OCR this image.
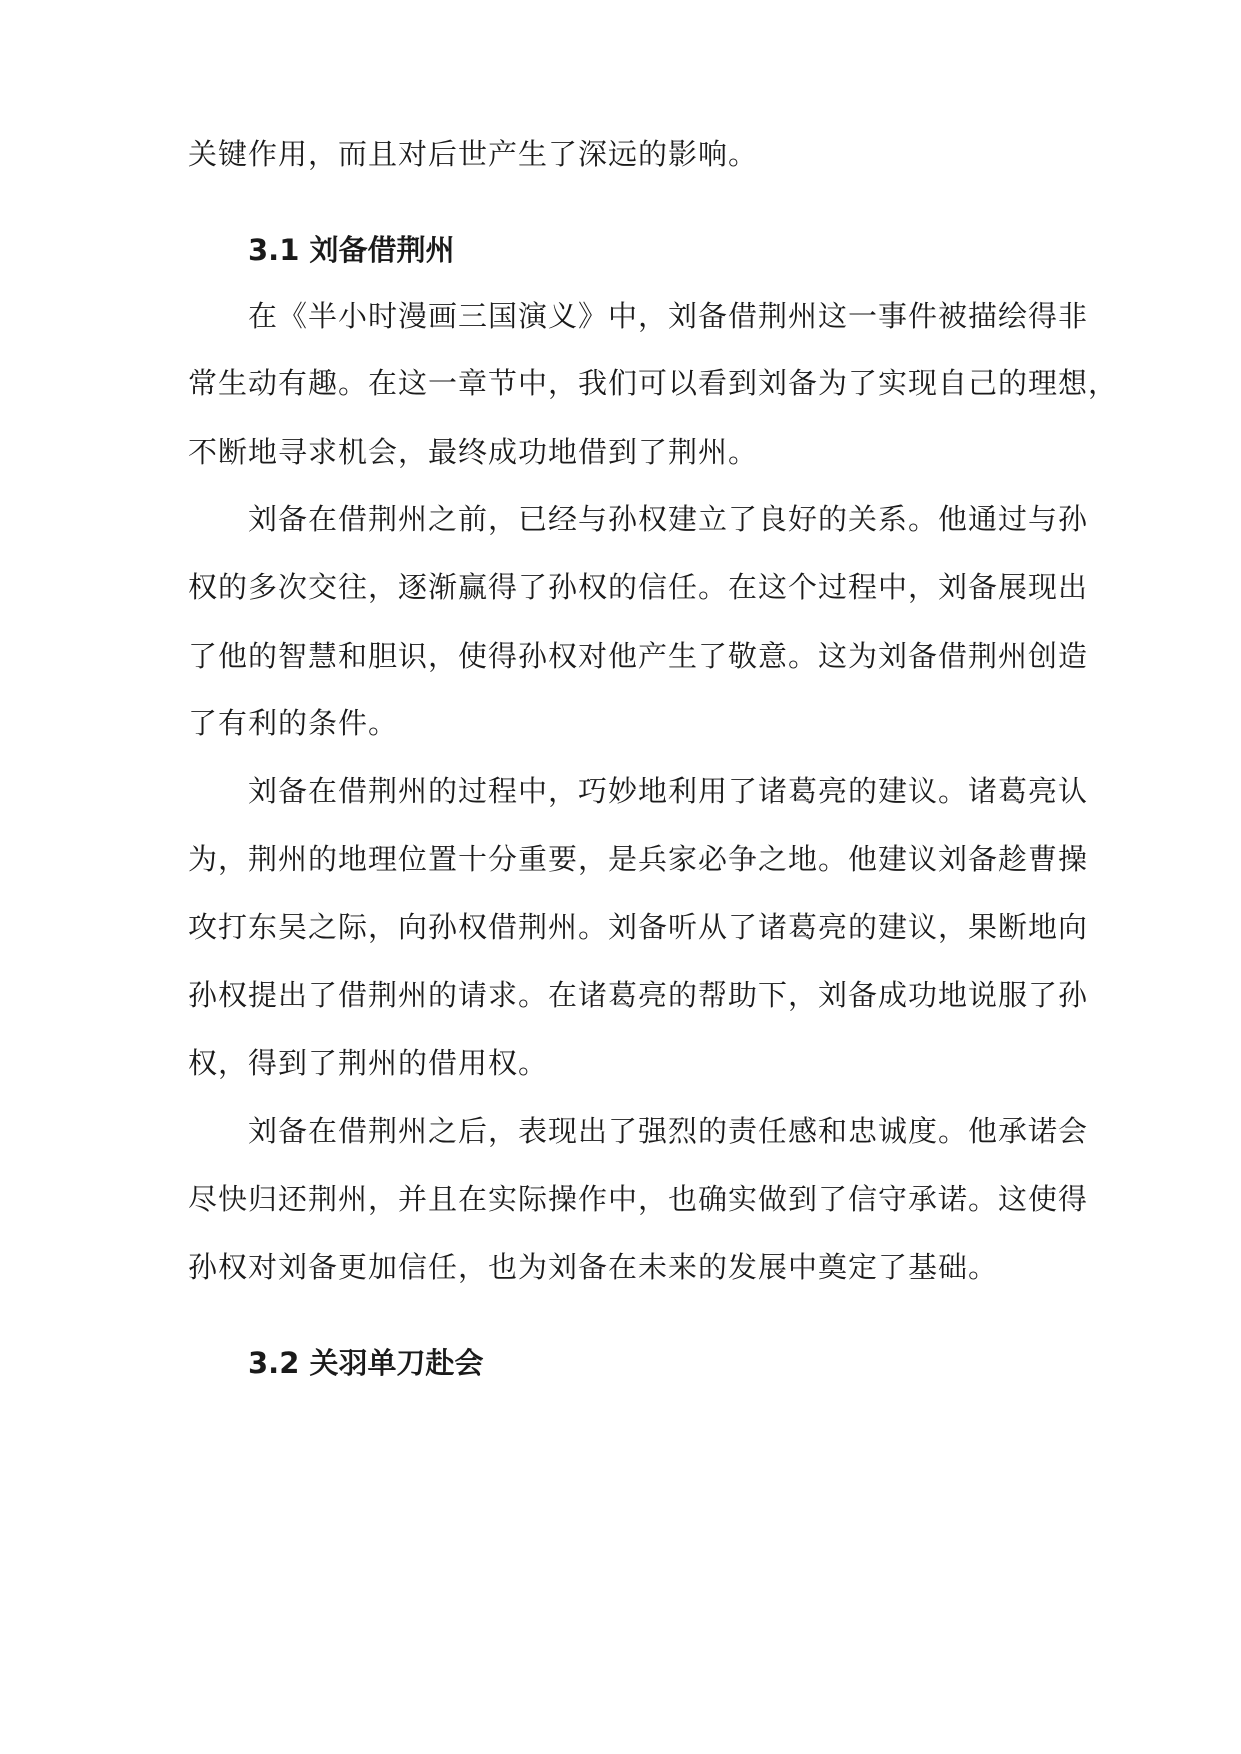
关键作用，而且对后世产生了深远的影响。
3.1 刘备借荆州
在《半小时漫画三国演义》中，刘备借荆州这一事件被描绘得非
常生动有趣。在这一章节中，我们可以看到刘备为了实现自己的理想，
不断地寻求机会，最终成功地借到了荆州。
刘备在借荆州之前，已经与孙权建立了良好的关系。他通过与孙
权的多次交往，逐渐赢得了孙权的信任。在这个过程中，刘备展现出
了他的智慧和胆识，使得孙权对他产生了敬意。这为刘备借荆州创造
了有利的条件。
刘备在借荆州的过程中，巧妙地利用了诸葛亮的建议。诸葛亮认
为，荆州的地理位置十分重要，是兵家必争之地。他建议刘备趁曹操
攻打东吴之际，向孙权借荆州。刘备听从了诸葛亮的建议，果断地向
孙权提出了借荆州的请求。在诸葛亮的帮助下，刘备成功地说服了孙
权，得到了荆州的借用权。
刘备在借荆州之后，表现出了强烈的责任感和忠诚度。他承诺会
尽快归还荆州，并且在实际操作中，也确实做到了信守承诺。这使得
孙权对刘备更加信任，也为刘备在未来的发展中奠定了基础。
3.2 关羽单刀赴会
